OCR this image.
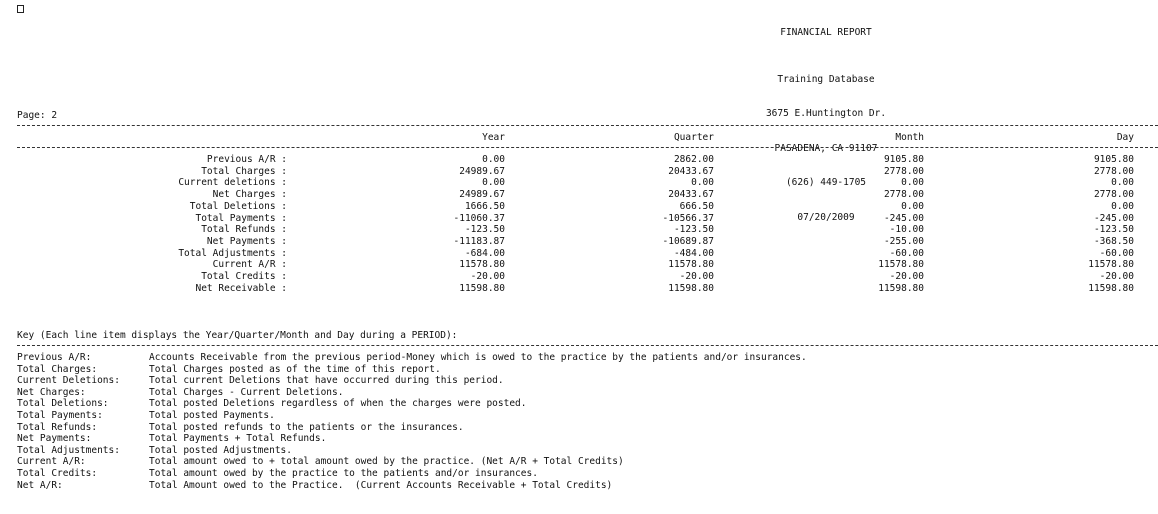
FINANCIAL REPORT

Training Database

3675 E.Huntington Dr.

PASADENA, CA 91107

(626) 449-1705

07/20/2009

Page: 2
Year	Quarter	Month	Day
Previous A/R :	0.00	2862.00	9105.80	9105.80
Total Charges :	24989.67	20433.67	2778.00	2778.00
Current deletions :	0.00	0.00	0.00	0.00
Net Charges :	24989.67	20433.67	2778.00	2778.00
Total Deletions :	1666.50	666.50	0.00	0.00
Total Payments :	-11060.37	-10566.37	-245.00	-245.00
Total Refunds :	-123.50	-123.50	-10.00	-123.50
Net Payments :	-11183.87	-10689.87	-255.00	-368.50
Total Adjustments :	-684.00	-484.00	-60.00	-60.00
Current A/R :	11578.80	11578.80	11578.80	11578.80
Total Credits :	-20.00	-20.00	-20.00	-20.00
Net Receivable :	11598.80	11598.80	11598.80	11598.80
Key (Each line item displays the Year/Quarter/Month and Day during a PERIOD):
Previous A/R:	Accounts Receivable from the previous period-Money which is owed to the practice by the patients and/or insurances.
Total Charges:	Total Charges posted as of the time of this report.
Current Deletions:	Total current Deletions that have occurred during this period.
Net Charges:	Total Charges - Current Deletions.
Total Deletions:	Total posted Deletions regardless of when the charges were posted.
Total Payments:	Total posted Payments.
Total Refunds:	Total posted refunds to the patients or the insurances.
Net Payments:	Total Payments + Total Refunds.
Total Adjustments:	Total posted Adjustments.
Current A/R:	Total amount owed to + total amount owed by the practice. (Net A/R + Total Credits)
Total Credits:	Total amount owed by the practice to the patients and/or insurances.
Net A/R:	Total Amount owed to the Practice.  (Current Accounts Receivable + Total Credits)
